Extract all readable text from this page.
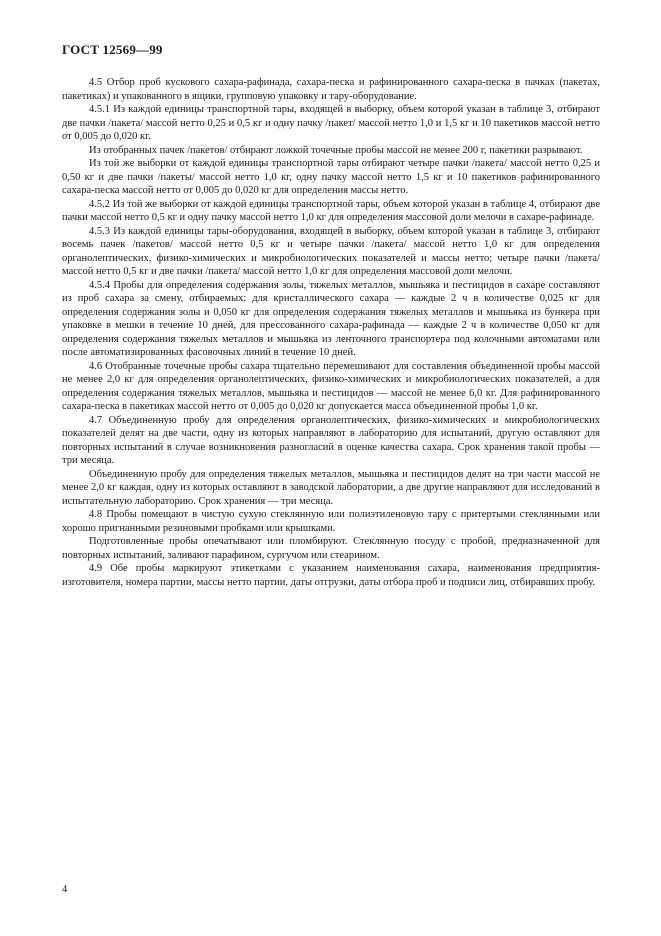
ГОСТ 12569—99

4.5 Отбор проб кускового сахара-рафинада, сахара-песка и рафинированного сахара-песка в пачках (пакетах, пакетиках) и упакованного в ящики, групповую упаковку и тару-оборудование.

4.5.1 Из каждой единицы транспортной тары, входящей в выборку, объем которой указан в таблице 3, отбирают две пачки /пакета/ массой нетто 0,25 и 0,5 кг и одну пачку /пакет/ массой нетто 1,0 и 1,5 кг и 10 пакетиков массой нетто от 0,005 до 0,020 кг.

Из отобранных пачек /пакетов/ отбирают ложкой точечные пробы массой не менее 200 г, пакетики разрывают.

Из той же выборки от каждой единицы транспортной тары отбирают четыре пачки /пакета/ массой нетто 0,25 и 0,50 кг и две пачки /пакеты/ массой нетто 1,0 кг, одну пачку массой нетто 1,5 кг и 10 пакетиков рафинированного сахара-песка массой нетто от 0,005 до 0,020 кг для определения массы нетто.

4.5.2 Из той же выборки от каждой единицы транспортной тары, объем которой указан в таблице 4, отбирают две пачки массой нетто 0,5 кг и одну пачку массой нетто 1,0 кг для определения массовой доли мелочи в сахаре-рафинаде.

4.5.3 Из каждой единицы тары-оборудования, входящей в выборку, объем которой указан в таблице 3, отбирают восемь пачек /пакетов/ массой нетто 0,5 кг и четыре пачки /пакета/ массой нетто 1,0 кг для определения органолептических, физико-химических и микробиологических показателей и массы нетто; четыре пачки /пакета/ массой нетто 0,5 кг и две пачки /пакета/ массой нетто 1,0 кг для определения массовой доли мелочи.

4.5.4 Пробы для определения содержания золы, тяжелых металлов, мышьяка и пестицидов в сахаре составляют из проб сахара за смену, отбираемых: для кристаллического сахара — каждые 2 ч в количестве 0,025 кг для определения содержания золы и 0,050 кг для определения содержания тяжелых металлов и мышьяка из бункера при упаковке в мешки в течение 10 дней, для прессованного сахара-рафинада — каждые 2 ч в количестве 0,050 кг для определения содержания тяжелых металлов и мышьяка из ленточного транспортера под колочными автоматами или после автоматизированных фасовочных линий в течение 10 дней.

4.6 Отобранные точечные пробы сахара тщательно перемешивают для составления объединенной пробы массой не менее 2,0 кг для определения органолептических, физико-химических и микробиологических показателей, а для определения содержания тяжелых металлов, мышьяка и пестицидов — массой не менее 6,0 кг. Для рафинированного сахара-песка в пакетиках массой нетто от 0,005 до 0,020 кг допускается масса объединенной пробы 1,0 кг.

4.7 Объединенную пробу для определения органолептических, физико-химических и микробиологических показателей делят на две части, одну из которых направляют в лабораторию для испытаний, другую оставляют для повторных испытаний в случае возникновения разногласий в оценке качества сахара. Срок хранения такой пробы — три месяца.

Объединенную пробу для определения тяжелых металлов, мышьяка и пестицидов делят на три части массой не менее 2,0 кг каждая, одну из которых оставляют в заводской лаборатории, а две другие направляют для исследований в испытательную лабораторию. Срок хранения — три месяца.

4.8 Пробы помещают в чистую сухую стеклянную или полиэтиленовую тару с притертыми стеклянными или хорошо пригнанными резиновыми пробками или крышками.

Подготовленные пробы опечатывают или пломбируют. Стеклянную посуду с пробой, предназначенной для повторных испытаний, заливают парафином, сургучом или стеарином.

4.9 Обе пробы маркируют этикетками с указанием наименования сахара, наименования предприятия-изготовителя, номера партии, массы нетто партии, даты отгрузки, даты отбора проб и подписи лиц, отбиравших пробу.

4
